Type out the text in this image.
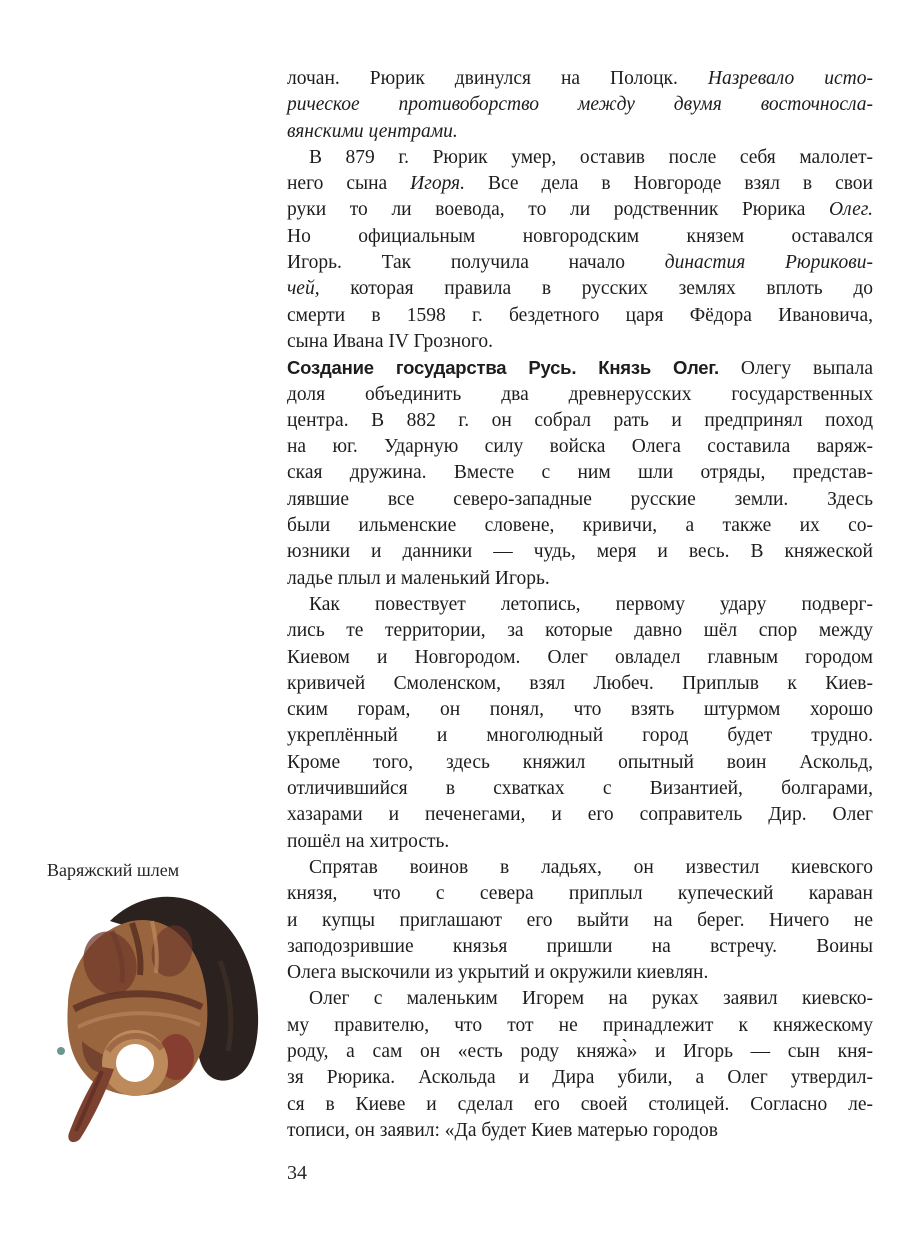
Варяжский шлем
лочан. Рюрик двинулся на Полоцк. Назревало исто-
рическое противоборство между двумя восточносла-
вянскими центрами.
В 879 г. Рюрик умер, оставив после себя малолет-
него сына Игоря. Все дела в Новгороде взял в свои
руки то ли воевода, то ли родственник Рюрика Олег.
Но официальным новгородским князем оставался
Игорь. Так получила начало династия Рюрикови-
чей, которая правила в русских землях вплоть до
смерти в 1598 г. бездетного царя Фёдора Ивановича,
сына Ивана IV Грозного.
Создание государства Русь. Князь Олег. Олегу выпала
доля объединить два древнерусских государственных
центра. В 882 г. он собрал рать и предпринял поход
на юг. Ударную силу войска Олега составила варяж-
ская дружина. Вместе с ним шли отряды, представ-
лявшие все северо-западные русские земли. Здесь
были ильменские словене, кривичи, а также их со-
юзники и данники — чудь, меря и весь. В княжеской
ладье плыл и маленький Игорь.
Как повествует летопись, первому удару подверг-
лись те территории, за которые давно шёл спор между
Киевом и Новгородом. Олег овладел главным городом
кривичей Смоленском, взял Любеч. Приплыв к Киев-
ским горам, он понял, что взять штурмом хорошо
укреплённый и многолюдный город будет трудно.
Кроме того, здесь княжил опытный воин Аскольд,
отличившийся в схватках с Византией, болгарами,
хазарами и печенегами, и его соправитель Дир. Олег
пошёл на хитрость.
Спрятав воинов в ладьях, он известил киевского
князя, что с севера приплыл купеческий караван
и купцы приглашают его выйти на берег. Ничего не
заподозрившие князья пришли на встречу. Воины
Олега выскочили из укрытий и окружили киевлян.
Олег с маленьким Игорем на руках заявил киевско-
му правителю, что тот не принадлежит к княжескому
роду, а сам он «есть роду княжа̀» и Игорь — сын кня-
зя Рюрика. Аскольда и Дира убили, а Олег утвердил-
ся в Киеве и сделал его своей столицей. Согласно ле-
тописи, он заявил: «Да будет Киев матерью городов
34
